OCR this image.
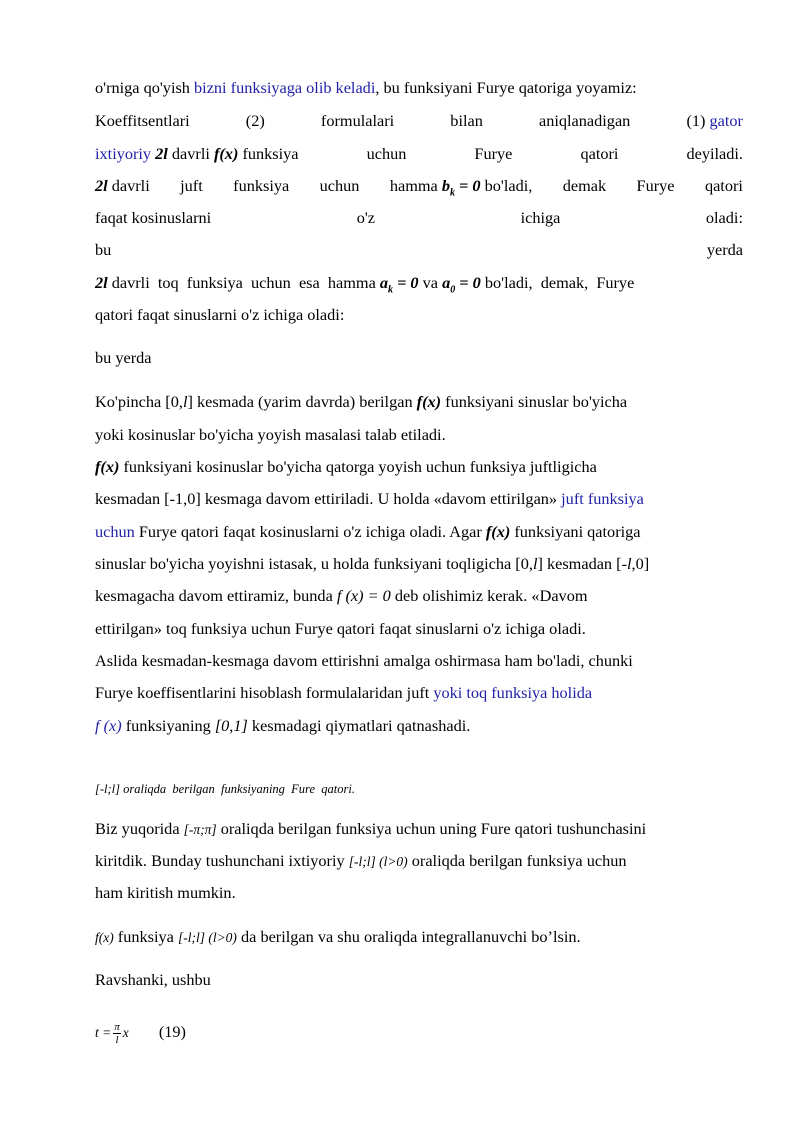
o'rniga qo'yish bizni funksiyaga olib keladi, bu funksiyani Furye qatoriga yoyamiz:
Koeffitsentlari	(2)	formulalari	bilan	aniqlanadigan	(1) gator
ixtiyoriy 2l davrli f(x) funksiya	uchun	Furye	qatori	deyiladi.
2l davrli juft funksiya uchun hamma $b_k = 0$ bo'ladi, demak Furye qatori
faqat kosinuslarni	o'z	ichiga	oladi:
bu	yerda
2l davrli  toq  funksiya  uchun  esa  hamma $a_k = 0$ va $a_0 = 0$ bo'ladi,  demak,  Furye
qatori faqat sinuslarni o'z ichiga oladi:
bu yerda
Ko'pincha [0,l] kesmada (yarim davrda) berilgan f(x) funksiyani sinuslar bo'yicha
yoki kosinuslar bo'yicha yoyish masalasi talab etiladi.
f(x) funksiyani kosinuslar bo'yicha qatorga yoyish uchun funksiya juftligicha
kesmadan [-1,0] kesmaga davom ettiriladi. U holda «davom ettirilgan» juft funksiya
uchun Furye qatori faqat kosinuslarni o'z ichiga oladi. Agar f(x) funksiyani qatoriga
sinuslar bo'yicha yoyishni istasak, u holda funksiyani toqligicha [0,l] kesmadan [-l,0]
kesmagacha davom ettiramiz, bunda f (x) = 0 deb olishimiz kerak. «Davom
ettirilgan» toq funksiya uchun Furye qatori faqat sinuslarni o'z ichiga oladi.
Aslida kesmadan-kesmaga davom ettirishni amalga oshirmasa ham bo'ladi, chunki
Furye koeffisentlarini hisoblash formulalaridan juft yoki toq funksiya holida
f (x) funksiyaning [0,1] kesmadagi qiymatlari qatnashadi.
[-l;l] oraliqda  berilgan  funksiyaning  Fure  qatori.
Biz yuqorida [-π;π] oraliqda berilgan funksiya uchun uning Fure qatori tushunchasini
kiritdik. Bunday tushunchani ixtiyoriy [-l;l] (l>0) oraliqda berilgan funksiya uchun
ham kiritish mumkin.
f(x) funksiya [-l;l] (l>0) da berilgan va shu oraliqda integrallanuvchi bo’lsin.
Ravshanki, ushbu
$t = \frac{\pi}{l}$ x (19)
